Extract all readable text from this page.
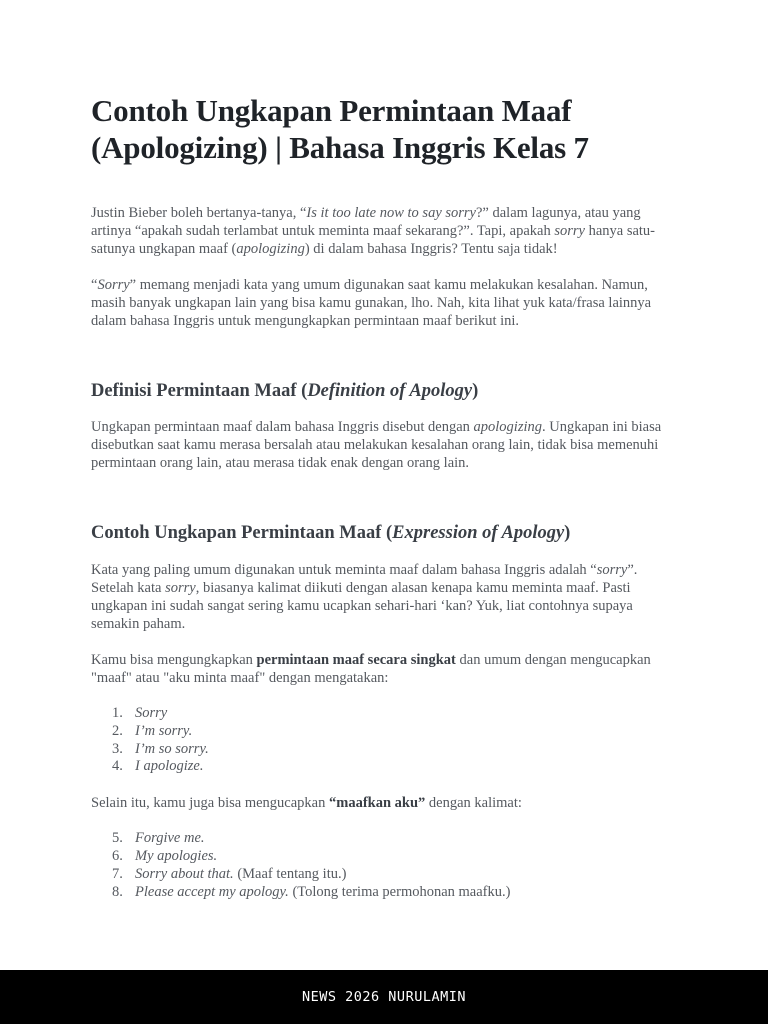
Contoh Ungkapan Permintaan Maaf (Apologizing) | Bahasa Inggris Kelas 7

Justin Bieber boleh bertanya-tanya, “Is it too late now to say sorry?” dalam lagunya, atau yang artinya “apakah sudah terlambat untuk meminta maaf sekarang?”. Tapi, apakah sorry hanya satu-satunya ungkapan maaf (apologizing) di dalam bahasa Inggris? Tentu saja tidak!

“Sorry” memang menjadi kata yang umum digunakan saat kamu melakukan kesalahan. Namun, masih banyak ungkapan lain yang bisa kamu gunakan, lho. Nah, kita lihat yuk kata/frasa lainnya dalam bahasa Inggris untuk mengungkapkan permintaan maaf berikut ini.

Definisi Permintaan Maaf (Definition of Apology)

Ungkapan permintaan maaf dalam bahasa Inggris disebut dengan apologizing. Ungkapan ini biasa disebutkan saat kamu merasa bersalah atau melakukan kesalahan orang lain, tidak bisa memenuhi permintaan orang lain, atau merasa tidak enak dengan orang lain.

Contoh Ungkapan Permintaan Maaf (Expression of Apology)

Kata yang paling umum digunakan untuk meminta maaf dalam bahasa Inggris adalah “sorry”. Setelah kata sorry, biasanya kalimat diikuti dengan alasan kenapa kamu meminta maaf. Pasti ungkapan ini sudah sangat sering kamu ucapkan sehari-hari ‘kan? Yuk, liat contohnya supaya semakin paham.

Kamu bisa mengungkapkan permintaan maaf secara singkat dan umum dengan mengucapkan "maaf" atau "aku minta maaf" dengan mengatakan:

1. Sorry
2. I’m sorry.
3. I’m so sorry.
4. I apologize.

Selain itu, kamu juga bisa mengucapkan “maafkan aku” dengan kalimat:

5. Forgive me.
6. My apologies.
7. Sorry about that. (Maaf tentang itu.)
8. Please accept my apology. (Tolong terima permohonan maafku.)
NEWS 2026 NURULAMIN
